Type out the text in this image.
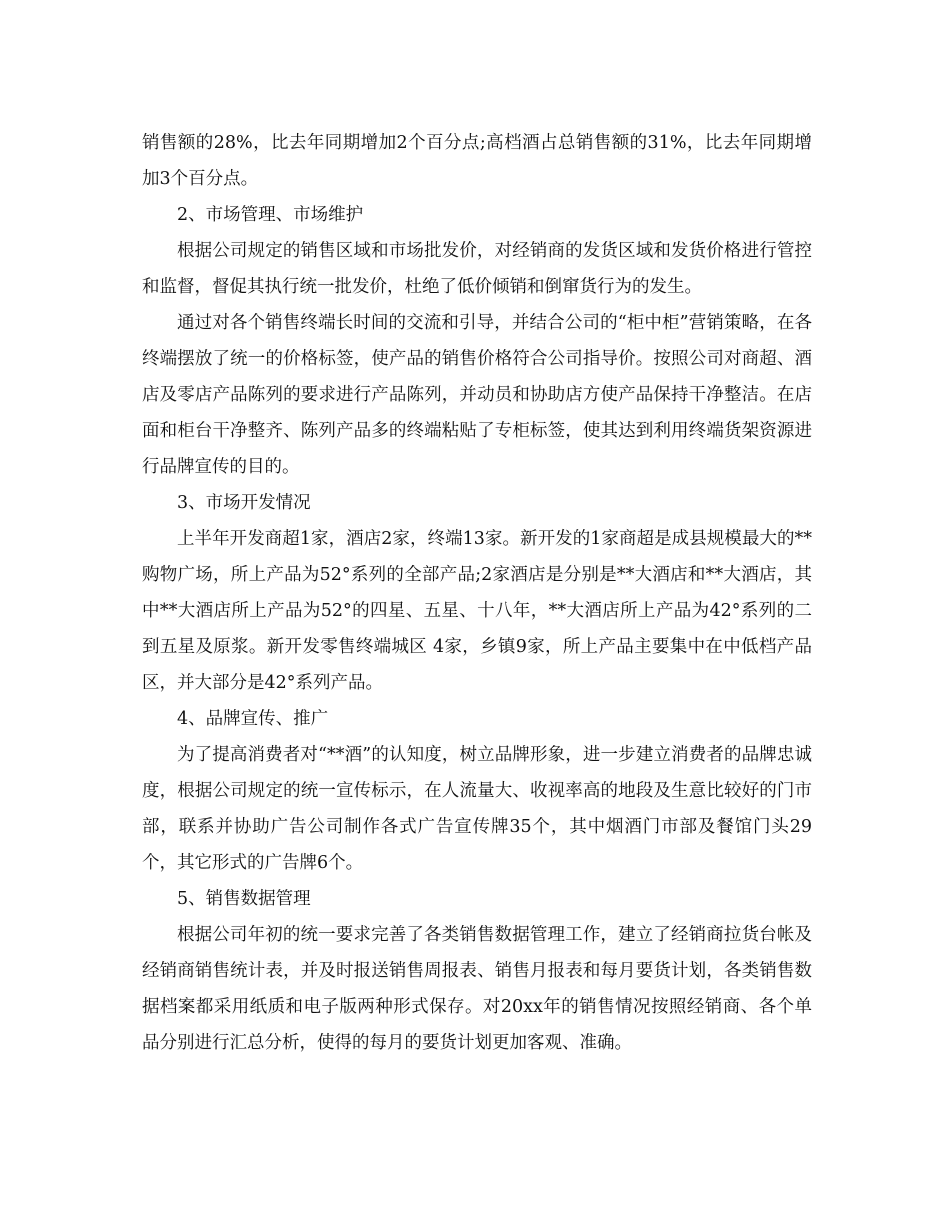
销售额的28%，比去年同期增加2个百分点;高档酒占总销售额的31%，比去年同期增加3个百分点。

2、市场管理、市场维护

根据公司规定的销售区域和市场批发价，对经销商的发货区域和发货价格进行管控和监督，督促其执行统一批发价，杜绝了低价倾销和倒窜货行为的发生。

通过对各个销售终端长时间的交流和引导，并结合公司的“柜中柜”营销策略，在各终端摆放了统一的价格标签，使产品的销售价格符合公司指导价。按照公司对商超、酒店及零店产品陈列的要求进行产品陈列，并动员和协助店方使产品保持干净整洁。在店面和柜台干净整齐、陈列产品多的终端粘贴了专柜标签，使其达到利用终端货架资源进行品牌宣传的目的。

3、市场开发情况

上半年开发商超1家，酒店2家，终端13家。新开发的1家商超是成县规模最大的**购物广场，所上产品为52°系列的全部产品;2家酒店是分别是**大酒店和**大酒店，其中**大酒店所上产品为52°的四星、五星、十八年，**大酒店所上产品为42°系列的二到五星及原浆。新开发零售终端城区 4家，乡镇9家，所上产品主要集中在中低档产品区，并大部分是42°系列产品。

4、品牌宣传、推广

为了提高消费者对“**酒”的认知度，树立品牌形象，进一步建立消费者的品牌忠诚度，根据公司规定的统一宣传标示，在人流量大、收视率高的地段及生意比较好的门市部，联系并协助广告公司制作各式广告宣传牌35个，其中烟酒门市部及餐馆门头29个，其它形式的广告牌6个。

5、销售数据管理

根据公司年初的统一要求完善了各类销售数据管理工作，建立了经销商拉货台帐及经销商销售统计表，并及时报送销售周报表、销售月报表和每月要货计划，各类销售数据档案都采用纸质和电子版两种形式保存。对20xx年的销售情况按照经销商、各个单品分别进行汇总分析，使得的每月的要货计划更加客观、准确。
